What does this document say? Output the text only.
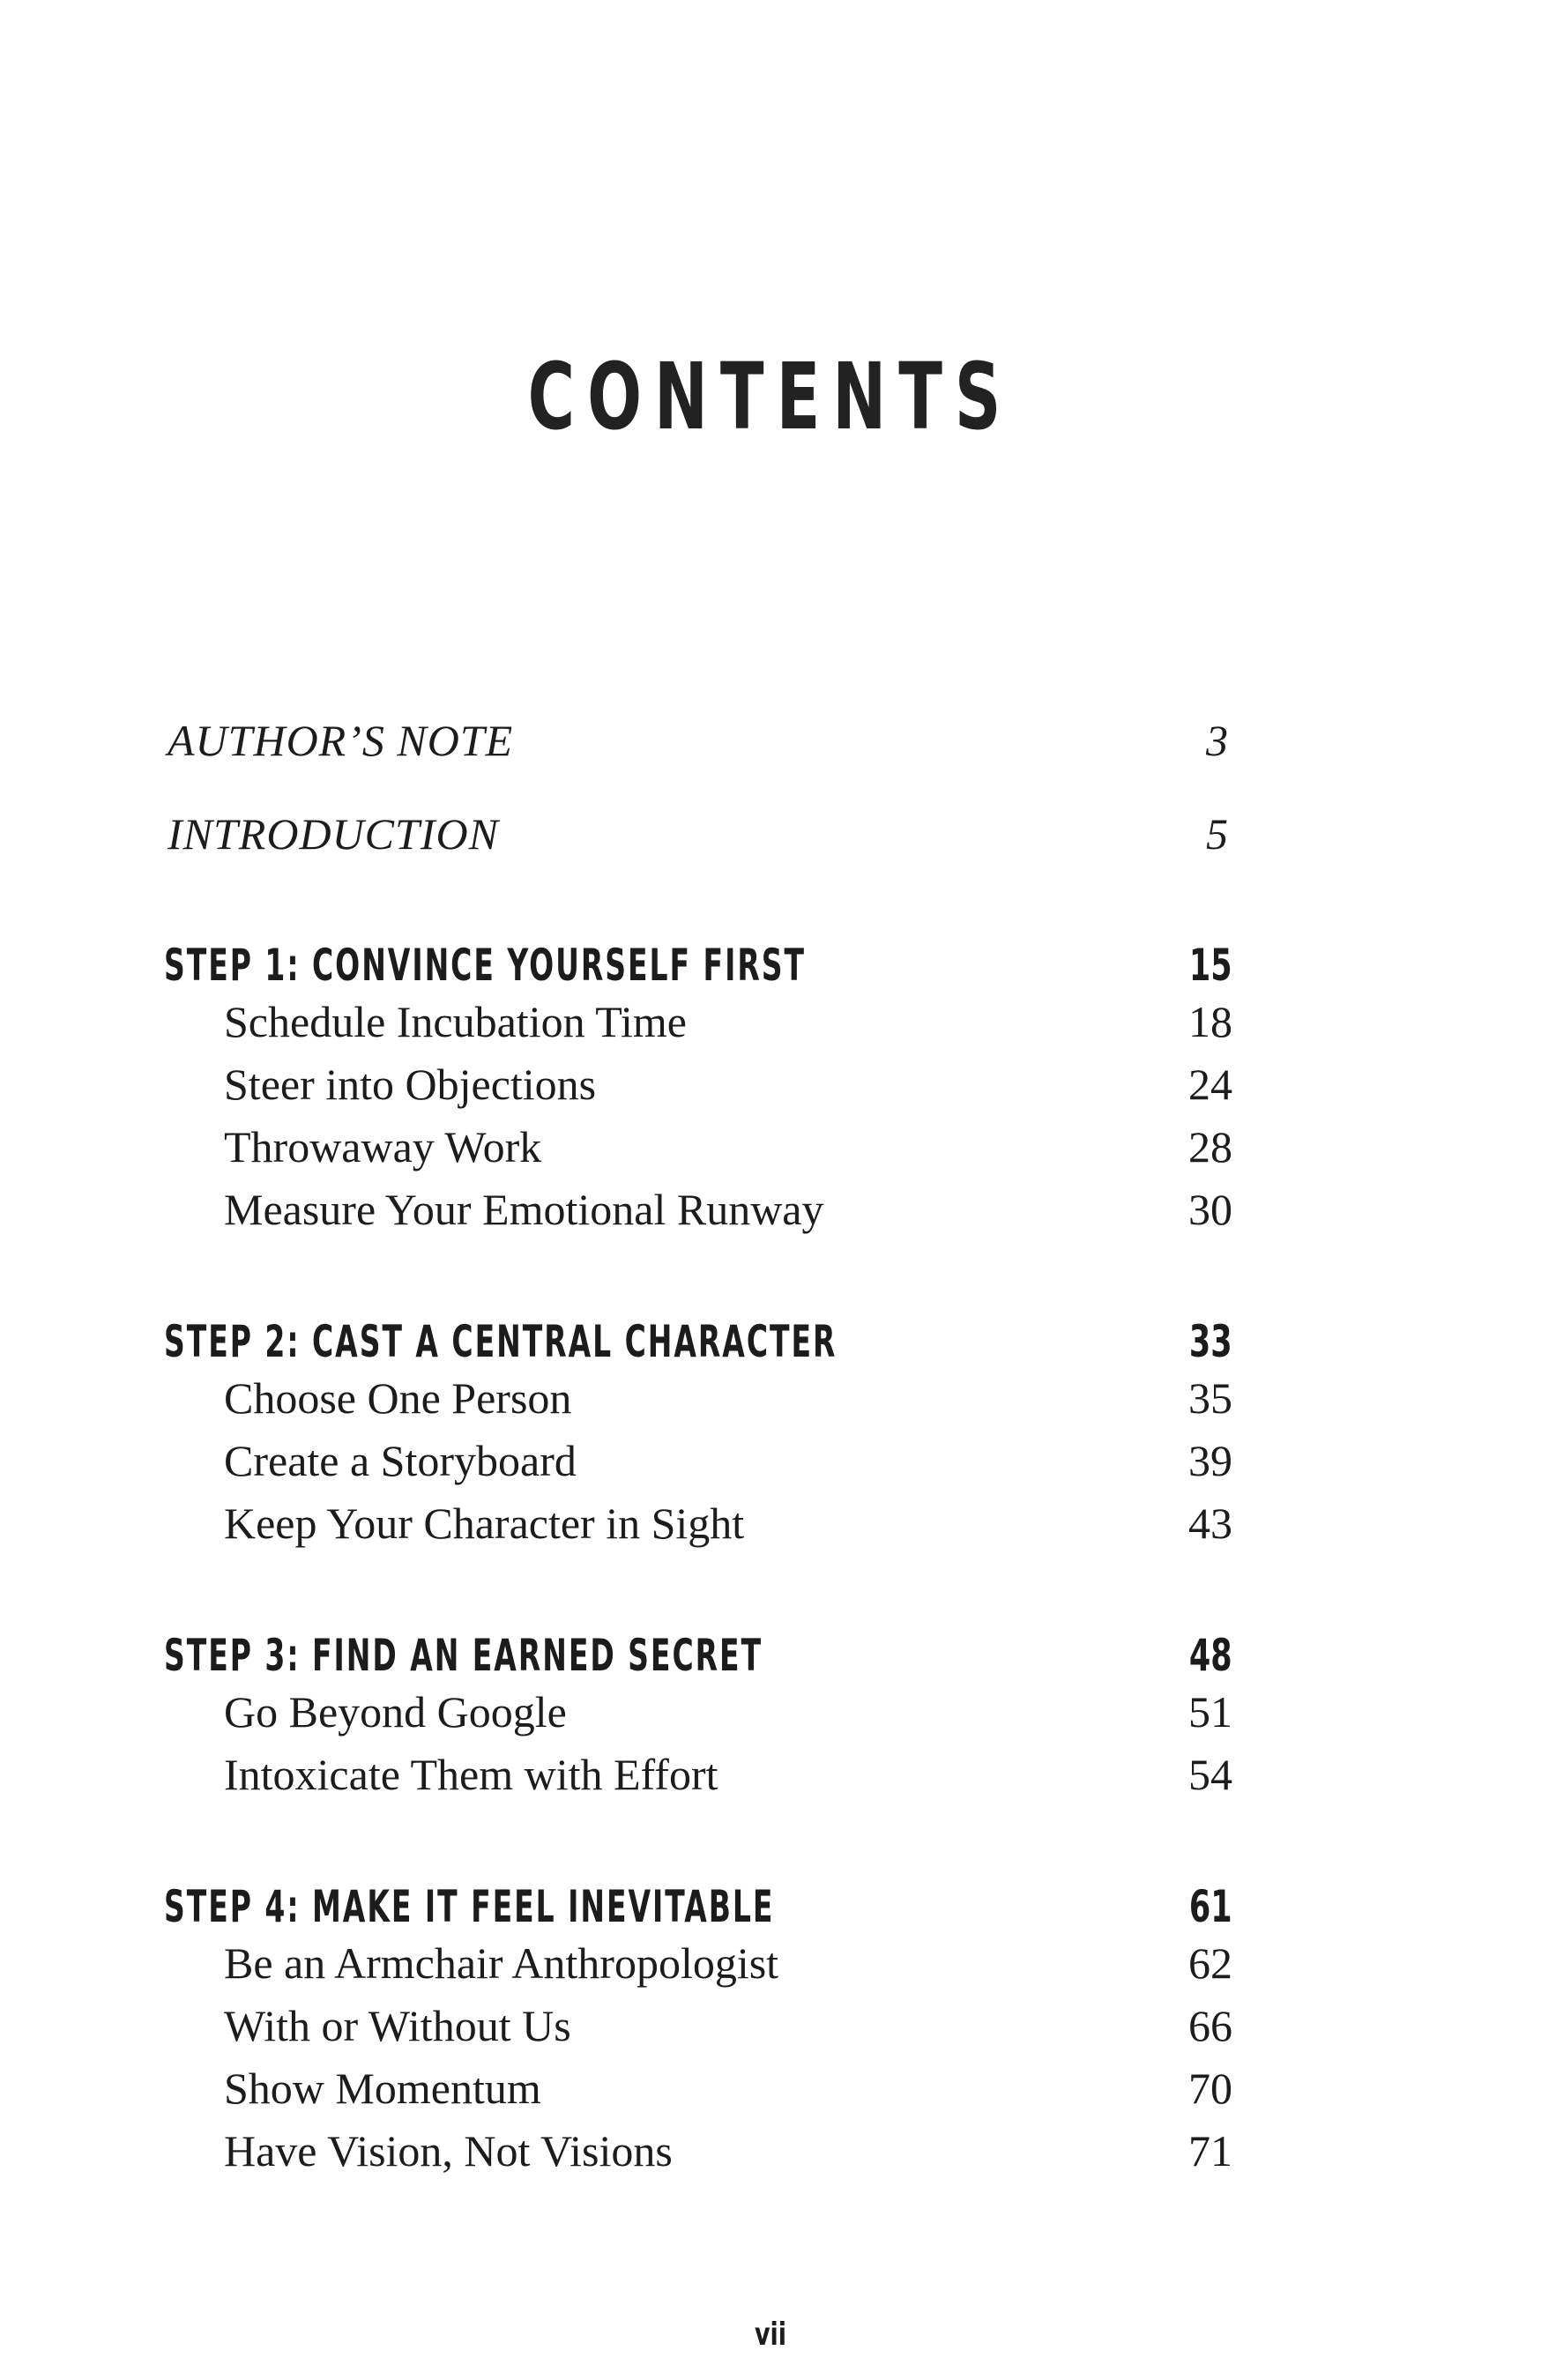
CONTENTS
AUTHOR’S NOTE	3
INTRODUCTION	5
STEP 1: CONVINCE YOURSELF FIRST	15
Schedule Incubation Time	18
Steer into Objections	24
Throwaway Work	28
Measure Your Emotional Runway	30
STEP 2: CAST A CENTRAL CHARACTER	33
Choose One Person	35
Create a Storyboard	39
Keep Your Character in Sight	43
STEP 3: FIND AN EARNED SECRET	48
Go Beyond Google	51
Intoxicate Them with Effort	54
STEP 4: MAKE IT FEEL INEVITABLE	61
Be an Armchair Anthropologist	62
With or Without Us	66
Show Momentum	70
Have Vision, Not Visions	71
vii
